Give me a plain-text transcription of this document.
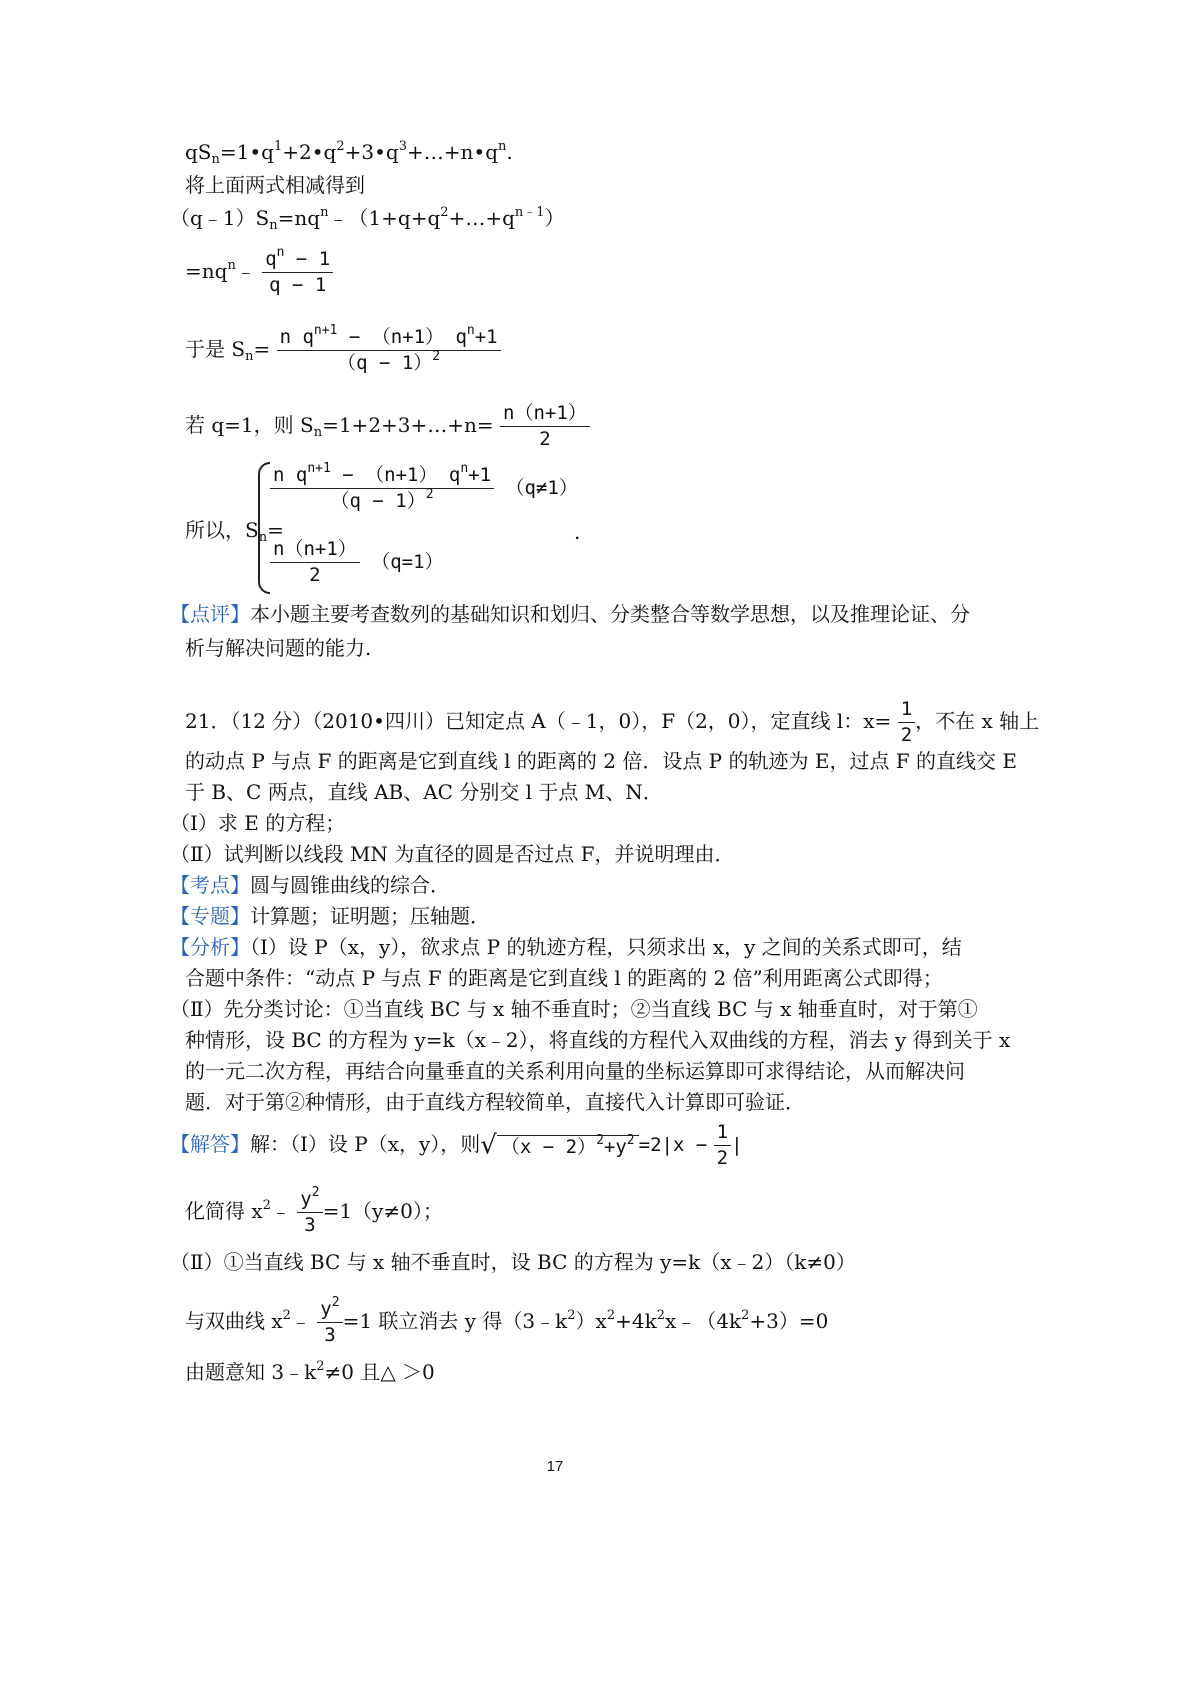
$qS_n=1•q^1+2•q^2+3•q^3+\dots+n•q^n$.
将上面两式相减得到
$(q﹣1)S_n=nq^n﹣(1+q+q^2+\dots+q^{n﹣1})$
$=nq^n﹣ \frac{q^n - 1}{q - 1}$
于是 $S_n= \frac{n q^{n+1} - (n+1) q^n+1}{(q - 1)^2}$
若 q=1，则 $S_n=1+2+3+\dots+n= \frac{n(n+1)}{2}$
所以，$S_n=$
$\frac{n q^{n+1} - (n+1) q^n+1}{(q - 1)^2} (q\ne 1)$
$\frac{n(n+1)}{2} (q=1)$
.
【点评】本小题主要考查数列的基础知识和划归、分类整合等数学思想，以及推理论证、分
析与解决问题的能力.
21．（12 分）（2010•四川）已知定点 A（﹣1，0），F（2，0），定直线 l：$x= \frac{1}{2}$ ，不在 x 轴上
的动点 P 与点 F 的距离是它到直线 l 的距离的 2 倍．设点 P 的轨迹为 E，过点 F 的直线交 E
于 B、C 两点，直线 AB、AC 分别交 l 于点 M、N．
（Ⅰ）求 E 的方程；
（Ⅱ）试判断以线段 MN 为直径的圆是否过点 F，并说明理由．
【考点】圆与圆锥曲线的综合．
【专题】计算题；证明题；压轴题．
【分析】（Ⅰ）设 P（x，y），欲求点 P 的轨迹方程，只须求出 x，y 之间的关系式即可，结
合题中条件：“动点 P 与点 F 的距离是它到直线 l 的距离的 2 倍”利用距离公式即得；
（Ⅱ）先分类讨论：①当直线 BC 与 x 轴不垂直时；②当直线 BC 与 x 轴垂直时，对于第①
种情形，设 BC 的方程为 y=k（x﹣2），将直线的方程代入双曲线的方程，消去 y 得到关于 x
的一元二次方程，再结合向量垂直的关系利用向量的坐标运算即可求得结论，从而解决问
题．对于第②种情形，由于直线方程较简单，直接代入计算即可验证．
【解答】解：（Ⅰ）设 P（x，y），则√ $(x - 2)^2+y^2 =2|x - \frac{1}{2}$ |
化简得 $x^2﹣ \frac{y^2}{3} =1(y\ne 0)$；
（Ⅱ）①当直线 BC 与 x 轴不垂直时，设 BC 的方程为 y=k（x﹣2）（k≠0）
与双曲线 $x^2﹣ \frac{y^2}{3} =1$ 联立消去 y 得$(3﹣k^2)x^2+4k^2x﹣(4k^2+3)=0$
由题意知 $3﹣k^2\ne 0$ 且△ ＞0
17
